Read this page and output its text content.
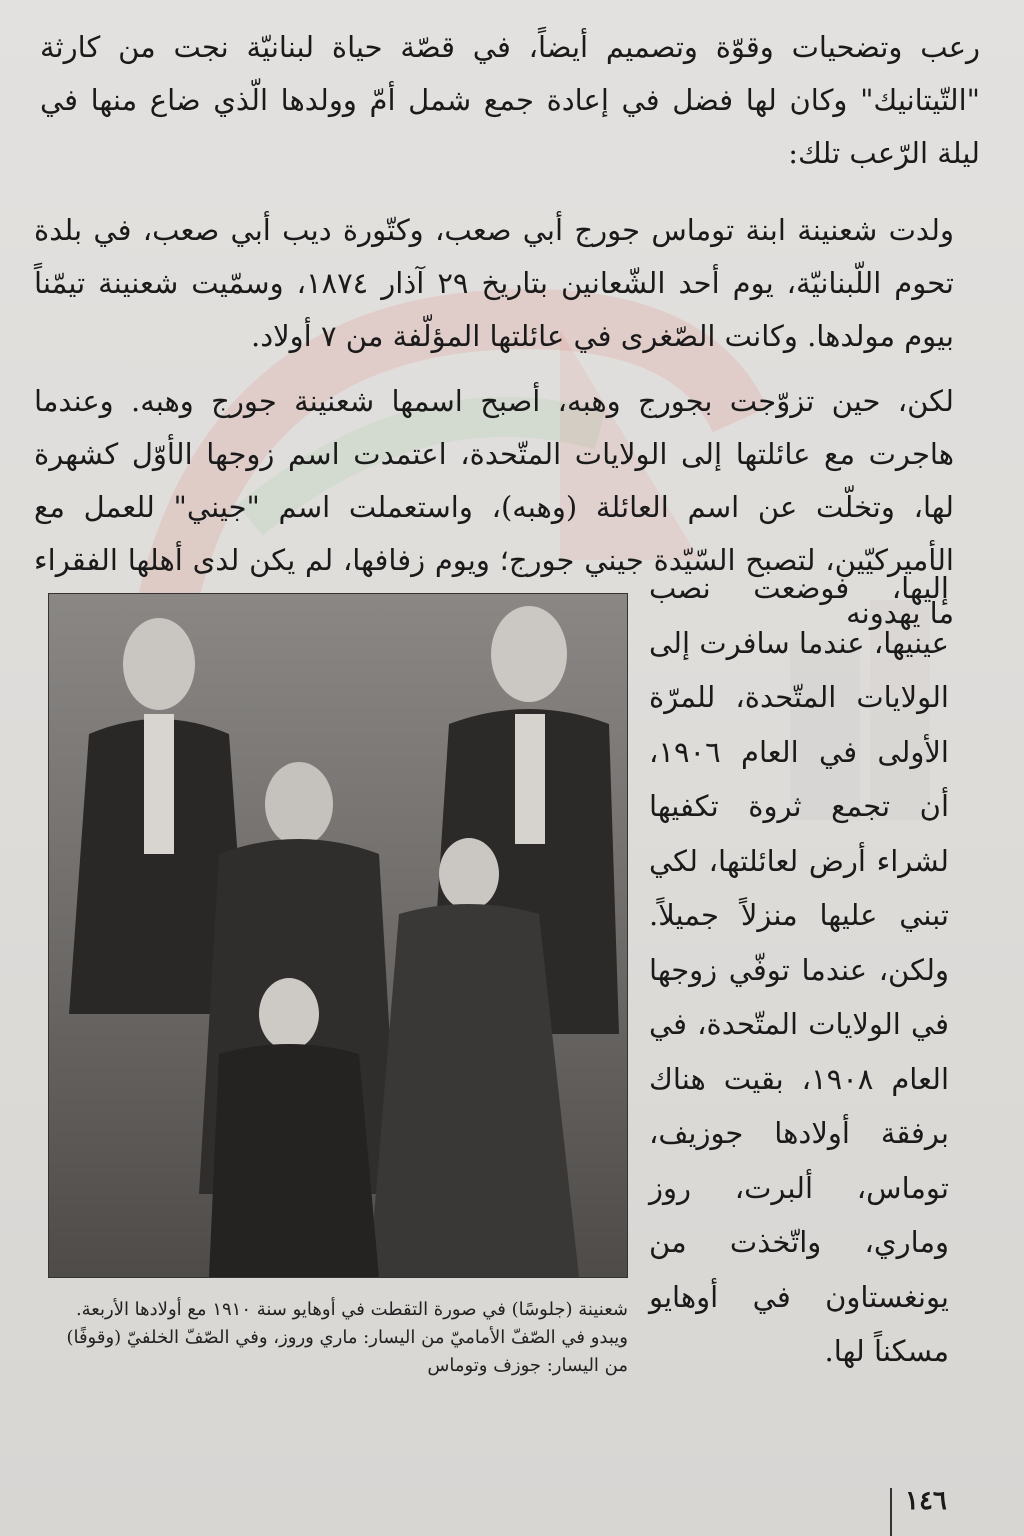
رعب وتضحيات وقوّة وتصميم أيضاً، في قصّة حياة لبنانيّة نجت من كارثة "التّيتانيك" وكان لها فضل في إعادة جمع شمل أمّ وولدها الّذي ضاع منها في ليلة الرّعب تلك:

ولدت شعنينة ابنة توماس جورج أبي صعب، وكتّورة ديب أبي صعب، في بلدة تحوم اللّبنانيّة، يوم أحد الشّعانين بتاريخ ٢٩ آذار ١٨٧٤، وسمّيت شعنينة تيمّناً بيوم مولدها. وكانت الصّغرى في عائلتها المؤلّفة من ٧ أولاد.

لكن، حين تزوّجت بجورج وهبه، أصبح اسمها شعنينة جورج وهبه. وعندما هاجرت مع عائلتها إلى الولايات المتّحدة، اعتمدت اسم زوجها الأوّل كشهرة لها، وتخلّت عن اسم العائلة (وهبه)، واستعملت اسم "جيني" للعمل مع الأميركيّين، لتصبح السّيّدة جيني جورج؛ ويوم زفافها، لم يكن لدى أهلها الفقراء ما يهدونه

إليها، فوضعت نصب عينيها، عندما سافرت إلى الولايات المتّحدة، للمرّة الأولى في العام ١٩٠٦، أن تجمع ثروة تكفيها لشراء أرض لعائلتها، لكي تبني عليها منزلاً جميلاً. ولكن، عندما توفّي زوجها في الولايات المتّحدة، في العام ١٩٠٨، بقيت هناك برفقة أولادها جوزيف، توماس، ألبرت، روز وماري، واتّخذت من يونغستاون في أوهايو مسكناً لها.
شعنينة (جلوسًا) في صورة التقطت في أوهايو سنة ١٩١٠ مع أولادها الأربعة. ويبدو في الصّفّ الأماميّ من اليسار: ماري وروز، وفي الصّفّ الخلفيّ (وقوفًا) من اليسار: جوزف وتوماس
١٤٦
